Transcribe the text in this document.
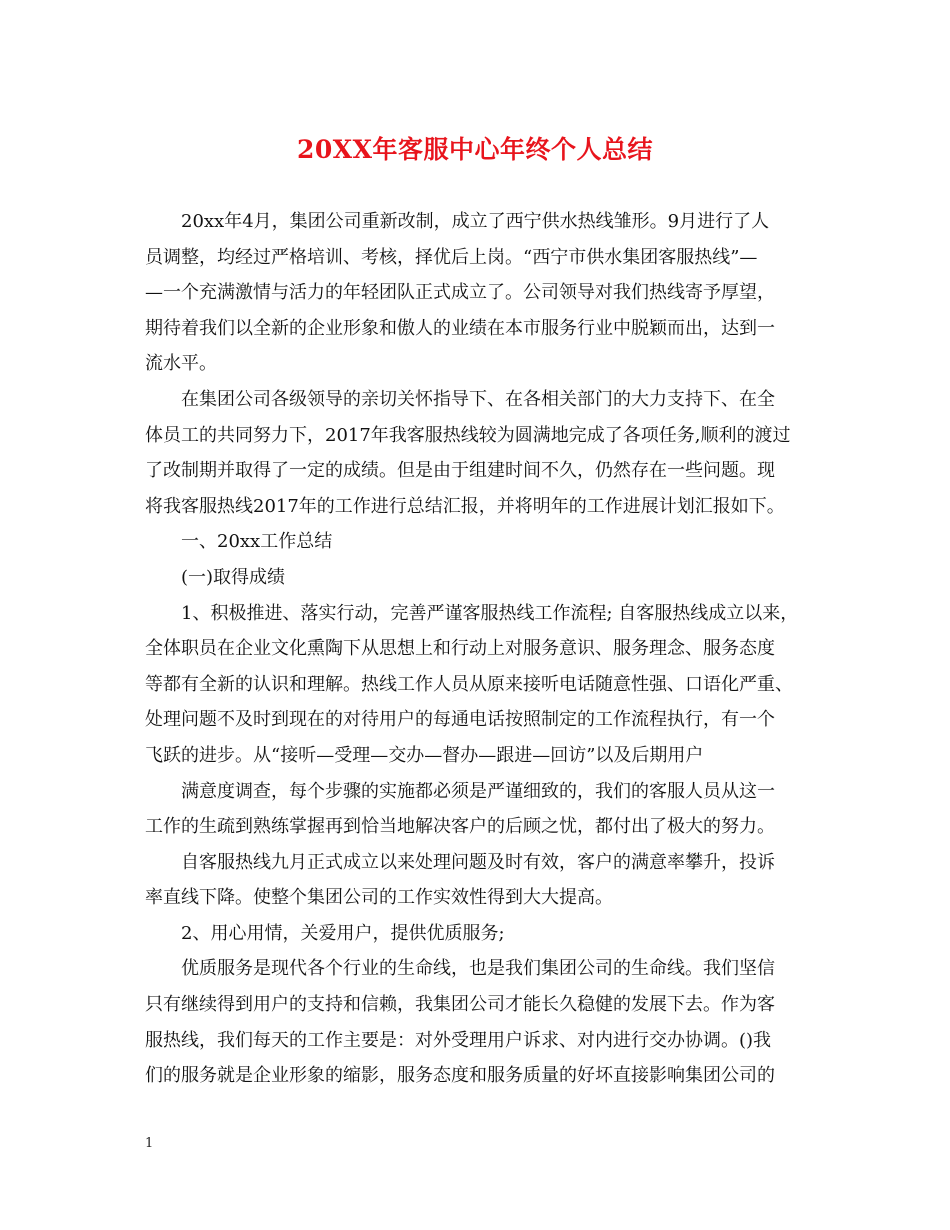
20XX年客服中心年终个人总结
20xx年4月，集团公司重新改制，成立了西宁供水热线雏形。9月进行了人
员调整，均经过严格培训、考核，择优后上岗。“西宁市供水集团客服热线”—
—一个充满激情与活力的年轻团队正式成立了。公司领导对我们热线寄予厚望，
期待着我们以全新的企业形象和傲人的业绩在本市服务行业中脱颖而出，达到一
流水平。
在集团公司各级领导的亲切关怀指导下、在各相关部门的大力支持下、在全
体员工的共同努力下，2017年我客服热线较为圆满地完成了各项任务,顺利的渡过
了改制期并取得了一定的成绩。但是由于组建时间不久，仍然存在一些问题。现
将我客服热线2017年的工作进行总结汇报，并将明年的工作进展计划汇报如下。
一、20xx工作总结
(一)取得成绩
1、积极推进、落实行动，完善严谨客服热线工作流程; 自客服热线成立以来，
全体职员在企业文化熏陶下从思想上和行动上对服务意识、服务理念、服务态度
等都有全新的认识和理解。热线工作人员从原来接听电话随意性强、口语化严重、
处理问题不及时到现在的对待用户的每通电话按照制定的工作流程执行，有一个
飞跃的进步。从“接听—受理—交办—督办—跟进—回访”以及后期用户
满意度调查，每个步骤的实施都必须是严谨细致的，我们的客服人员从这一
工作的生疏到熟练掌握再到恰当地解决客户的后顾之忧，都付出了极大的努力。
自客服热线九月正式成立以来处理问题及时有效，客户的满意率攀升，投诉
率直线下降。使整个集团公司的工作实效性得到大大提高。
2、用心用情，关爱用户，提供优质服务;
优质服务是现代各个行业的生命线，也是我们集团公司的生命线。我们坚信
只有继续得到用户的支持和信赖，我集团公司才能长久稳健的发展下去。作为客
服热线，我们每天的工作主要是：对外受理用户诉求、对内进行交办协调。()我
们的服务就是企业形象的缩影，服务态度和服务质量的好坏直接影响集团公司的
1
